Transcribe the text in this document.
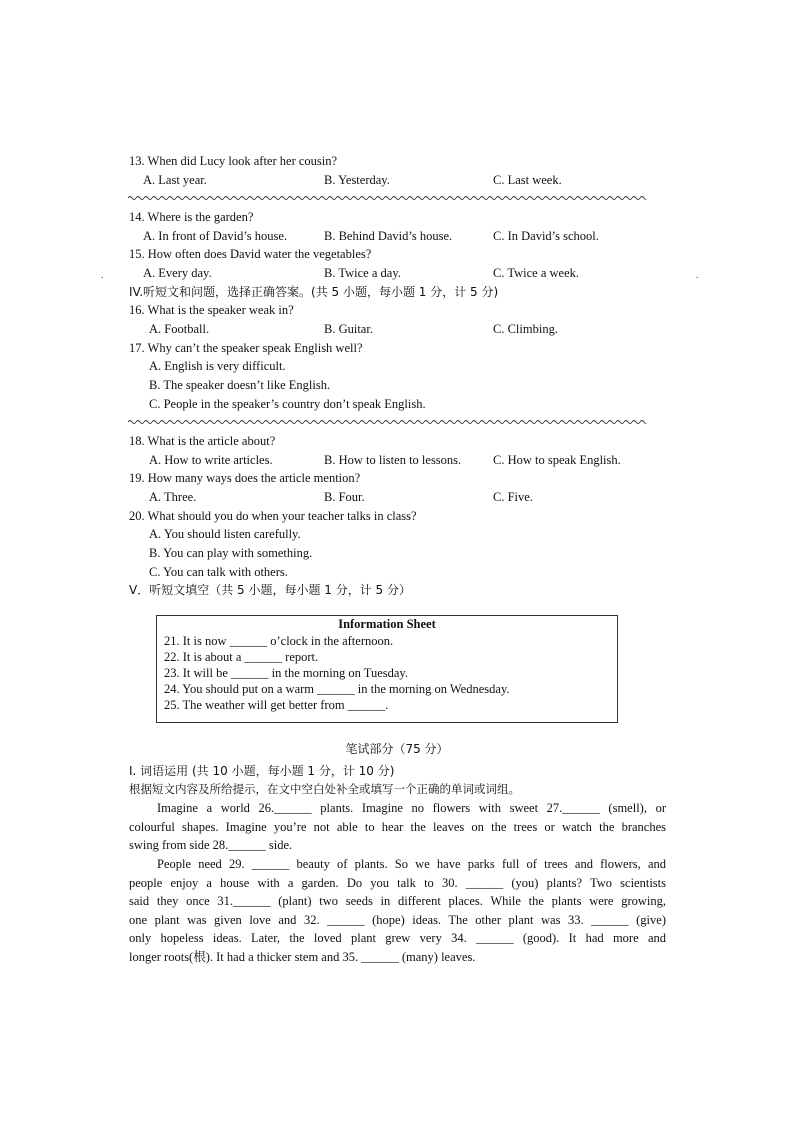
13. When did Lucy look after her cousin?
A. Last year.	B. Yesterday.	C. Last week.
14. Where is the garden?
A. In front of David’s house.	B. Behind David’s house.	C. In David’s school.
15. How often does David water the vegetables?
A. Every day.	B. Twice a day.	C. Twice a week.
.	.
IV.听短文和问题，选择正确答案。(共 5 小题，每小题 1 分，计 5 分)
16. What is the speaker weak in?
A. Football.	B. Guitar.	C. Climbing.
17. Why can’t the speaker speak English well?
A. English is very difficult.
B. The speaker doesn’t like English.
C. People in the speaker’s country don’t speak English.
18. What is the article about?
A. How to write articles.	B. How to listen to lessons.	C. How to speak English.
19. How many ways does the article mention?
A. Three.	B. Four.	C. Five.
20. What should you do when your teacher talks in class?
A. You should listen carefully.
B. You can play with something.
C. You can talk with others.
V．听短文填空（共 5 小题，每小题 1 分，计 5 分）
Information Sheet
21. It is now ______ o’clock in the afternoon.
22. It is about a ______ report.
23. It will be ______ in the morning on Tuesday.
24. You should put on a warm ______ in the morning on Wednesday.
25. The weather will get better from ______.
笔试部分（75 分）
I. 词语运用 (共 10 小题，每小题 1 分，计 10 分)
根据短文内容及所给提示，在文中空白处补全或填写一个正确的单词或词组。
Imagine a world 26.______ plants. Imagine no flowers with sweet 27.______ (smell), or
colourful shapes. Imagine you’re not able to hear the leaves on the trees or watch the branches
swing from side 28.______ side.
People need 29. ______ beauty of plants. So we have parks full of trees and flowers, and
people enjoy a house with a garden. Do you talk to 30. ______ (you) plants? Two scientists
said they once 31.______ (plant) two seeds in different places. While the plants were growing,
one plant was given love and 32. ______ (hope) ideas. The other plant was 33. ______ (give)
only hopeless ideas. Later, the loved plant grew very 34. ______ (good). It had more and
longer roots(根). It had a thicker stem and 35. ______ (many) leaves.
